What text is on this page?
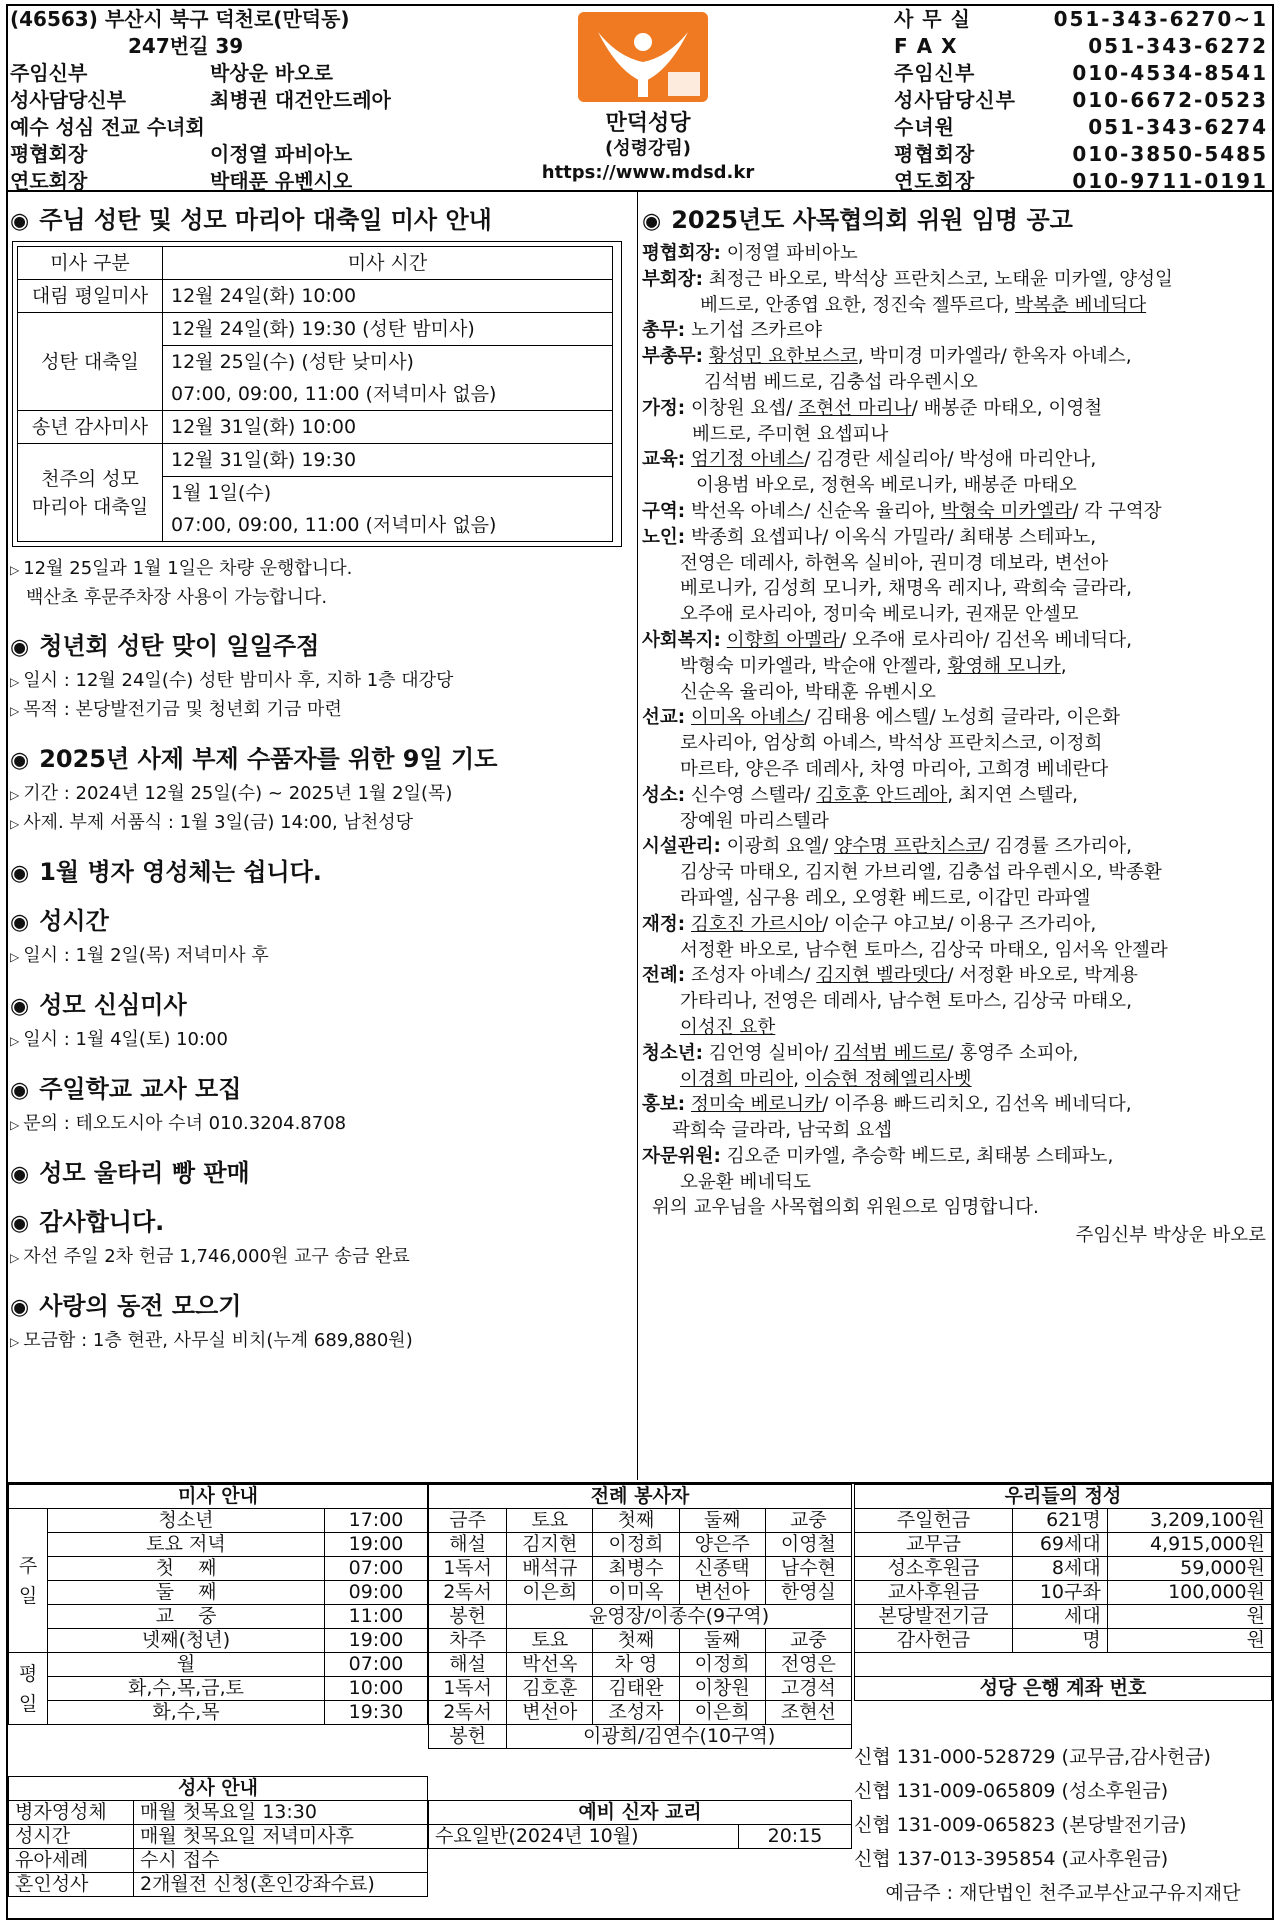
(46563) 부산시 북구 덕천로(만덕동)
247번길 39
주임신부	박상운 바오로
성사담당신부	최병권 대건안드레아
예수 성심 전교 수녀회
평협회장	이정열 파비아노
연도회장	박태푼 유벤시오
만덕성당
(성령강림)
https://www.mdsd.kr
사 무 실	051-343-6270~1
F A X	051-343-6272
주임신부	010-4534-8541
성사담당신부	010-6672-0523
수녀원	051-343-6274
평협회장	010-3850-5485
연도회장	010-9711-0191
◉ 주님 성탄 및 성모 마리아 대축일 미사 안내
미사 구분	미사 시간
대림 평일미사	12월 24일(화) 10:00
성탄 대축일	12월 24일(화) 19:30 (성탄 밤미사)
	12월 25일(수) (성탄 낮미사)
	07:00, 09:00, 11:00 (저녁미사 없음)
송년 감사미사	12월 31일(화) 10:00

천주의 성모
마리아 대축일	12월 31일(화) 19:30
	1월 1일(수)
	07:00, 09:00, 11:00 (저녁미사 없음)
▷ 12월 25일과 1월 1일은 차량 운행합니다.
백산초 후문주차장 사용이 가능합니다.
◉ 청년회 성탄 맞이 일일주점
▷ 일시 : 12월 24일(수) 성탄 밤미사 후, 지하 1층 대강당
▷ 목적 : 본당발전기금 및 청년회 기금 마련
◉ 2025년 사제 부제 수품자를 위한 9일 기도
▷ 기간 : 2024년 12월 25일(수) ~ 2025년 1월 2일(목)
▷ 사제. 부제 서품식 : 1월 3일(금) 14:00, 남천성당
◉ 1월 병자 영성체는 쉽니다.
◉ 성시간
▷ 일시 : 1월 2일(목) 저녁미사 후
◉ 성모 신심미사
▷ 일시 : 1월 4일(토) 10:00
◉ 주일학교 교사 모집
▷ 문의 : 테오도시아 수녀 010.3204.8708
◉ 성모 울타리 빵 판매
◉ 감사합니다.
▷ 자선 주일 2차 헌금 1,746,000원 교구 송금 완료
◉ 사랑의 동전 모으기
▷ 모금함 : 1층 현관, 사무실 비치(누계 689,880원)
◉ 2025년도 사목협의회 위원 임명 공고
평협회장: 이정열 파비아노
부회장: 최정근 바오로, 박석상 프란치스코, 노태윤 미카엘, 양성일
베드로, 안종엽 요한, 정진숙 젤뚜르다, 박복춘 베네딕다
총무: 노기섭 즈카르야
부총무: 황성민 요한보스코, 박미경 미카엘라/ 한옥자 아녜스,
김석범 베드로, 김충섭 라우렌시오
가정: 이창원 요셉/ 조현선 마리나/ 배봉준 마태오, 이영철
베드로, 주미현 요셉피나
교육: 엄기정 아녜스/ 김경란 세실리아/ 박성애 마리안나,
이용범 바오로, 정현옥 베로니카, 배봉준 마태오
구역: 박선옥 아녜스/ 신순옥 율리아, 박형숙 미카엘라/ 각 구역장
노인: 박종희 요셉피나/ 이옥식 가밀라/ 최태봉 스테파노,
전영은 데레사, 하현옥 실비아, 권미경 데보라, 변선아
베로니카, 김성희 모니카, 채명옥 레지나, 곽희숙 글라라,
오주애 로사리아, 정미숙 베로니카, 권재문 안셀모
사회복지: 이향희 아멜라/ 오주애 로사리아/ 김선옥 베네딕다,
박형숙 미카엘라, 박순애 안젤라, 황영해 모니카,
신순옥 율리아, 박태훈 유벤시오
선교: 이미옥 아녜스/ 김태용 에스텔/ 노성희 글라라, 이은화
로사리아, 엄상희 아녜스, 박석상 프란치스코, 이정희
마르타, 양은주 데레사, 차영 마리아, 고희경 베네란다
성소: 신수영 스텔라/ 김호훈 안드레아, 최지연 스텔라,
장예원 마리스텔라
시설관리: 이광희 요엘/ 양수명 프란치스코/ 김경률 즈가리아,
김상국 마태오, 김지현 가브리엘, 김충섭 라우렌시오, 박종환
라파엘, 심구용 레오, 오영환 베드로, 이갑민 라파엘
재정: 김호진 가르시아/ 이순구 야고보/ 이용구 즈가리아,
서정환 바오로, 남수현 토마스, 김상국 마태오, 임서옥 안젤라
전례: 조성자 아녜스/ 김지현 벨라뎃다/ 서정환 바오로, 박계용
가타리나, 전영은 데레사, 남수현 토마스, 김상국 마태오,
이성진 요한
청소년: 김언영 실비아/ 김석범 베드로/ 홍영주 소피아,
이경희 마리아, 이승현 정혜엘리사벳
홍보: 정미숙 베로니카/ 이주용 빠드리치오, 김선옥 베네딕다,
곽희숙 글라라, 남국희 요셉
자문위원: 김오준 미카엘, 추승학 베드로, 최태봉 스테파노,
오윤환 베네딕도
위의 교우님을 사목협의회 위원으로 임명합니다.
주임신부 박상운 바오로
미사 안내		
주일	청소년	17:00
	토요 저녁	19:00
	첫    째	07:00
	둘    째	09:00
	교    중	11:00
	넷째(청년)	19:00
평일	월	07:00
	화,수,목,금,토	10:00
	화,수,목	19:30
성사 안내	
병자영성체	매월 첫목요일 13:30
성시간	매월 첫목요일 저녁미사후
유아세례	수시 접수
혼인성사	2개월전 신청(혼인강좌수료)
전례 봉사자				
금주	토요	첫째	둘째	교중
해설	김지현	이정희	양은주	이영철
1독서	배석규	최병수	신종택	남수현
2독서	이은희	이미옥	변선아	한영실
봉헌	윤영장/이종수(9구역)			
차주	토요	첫째	둘째	교중
해설	박선옥	차 영	이정희	전영은
1독서	김호훈	김태완	이창원	고경석
2독서	변선아	조성자	이은희	조현선
봉헌	이광희/김연수(10구역)			
예비 신자 교리
수요일반(2024년 10월)	20:15
우리들의 정성		
주일헌금	621명	3,209,100원
교무금	69세대	4,915,000원
성소후원금	8세대	59,000원
교사후원금	10구좌	100,000원
본당발전기금	세대	원
감사헌금	명	원

성당 은행 계좌 번호		
신협 131-000-528729 (교무금,감사헌금)
신협 131-009-065809 (성소후원금)
신협 131-009-065823 (본당발전기금)
신협 137-013-395854 (교사후원금)
예금주 : 재단법인 천주교부산교구유지재단
